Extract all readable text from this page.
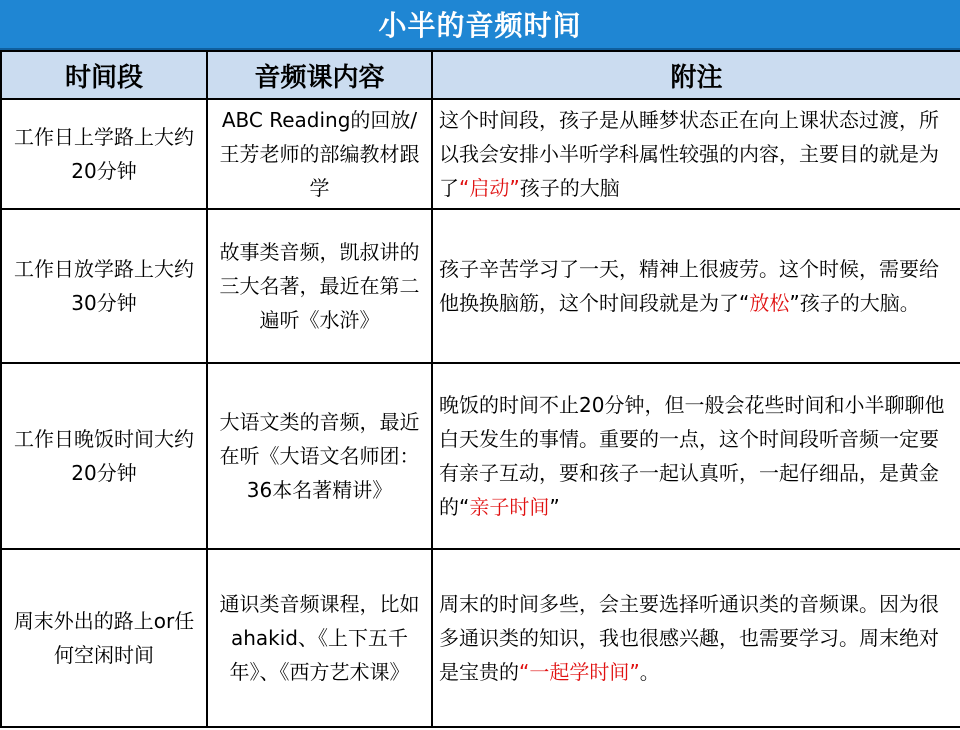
小半的音频时间
时间段	音频课内容	附注
工作日上学路上大约20分钟	ABC Reading的回放/王芳老师的部编教材跟学	这个时间段，孩子是从睡梦状态正在向上课状态过渡，所以我会安排小半听学科属性较强的内容，主要目的就是为了“启动”孩子的大脑
工作日放学路上大约30分钟	故事类音频，凯叔讲的三大名著，最近在第二遍听《水浒》	孩子辛苦学习了一天，精神上很疲劳。这个时候，需要给他换换脑筋，这个时间段就是为了“放松”孩子的大脑。
工作日晚饭时间大约20分钟	大语文类的音频，最近在听《大语文名师团：36本名著精讲》	晚饭的时间不止20分钟，但一般会花些时间和小半聊聊他白天发生的事情。重要的一点，这个时间段听音频一定要有亲子互动，要和孩子一起认真听，一起仔细品，是黄金的“亲子时间”
周末外出的路上or任何空闲时间	通识类音频课程，比如ahakid、《上下五千年》、《西方艺术课》	周末的时间多些，会主要选择听通识类的音频课。因为很多通识类的知识，我也很感兴趣，也需要学习。周末绝对是宝贵的“一起学时间”。
